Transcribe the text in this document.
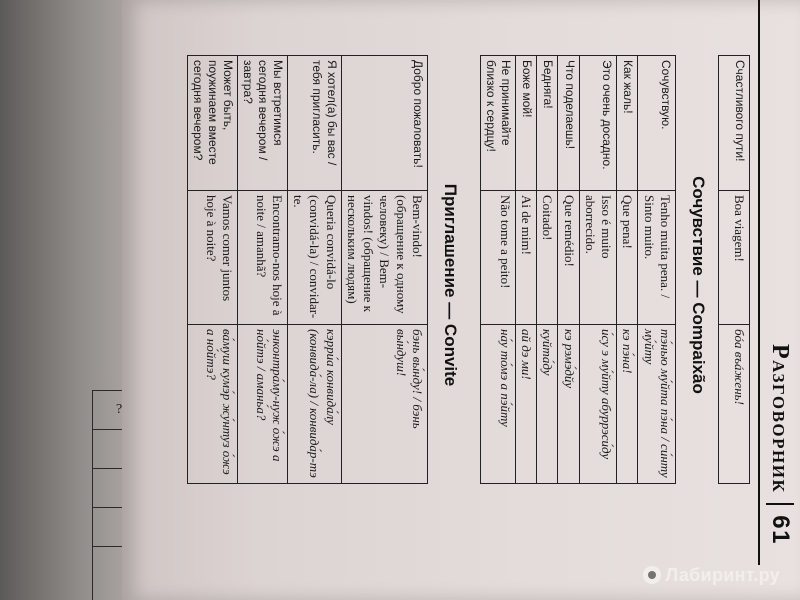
?	Разговорник
61
Счастливого пути!	Boa viagem!	бóа въáжень!
Сочувствие — Compaixão
Сочувствую.	Tenho muita pena. / Sinto muito.	тэ́нью му́йта пэ́на / си́нту му́йту
Как жаль!	Que pena!	кэ пэ́на!
Это очень досадно.	Isso é muito aborrecido.	и́су э му́йту абуррэси́ду
Что поделаешь!	Que remédio!	кэ рэмэ́дйу
Бедняга!	Coitado!	куйта́ду
Боже мой!	Ai de mim!	ай дэ ми!
Не принимайте близко к сердцу!	Não tome a peito!	на́у то́мэ а пэ́йту
Приглашение — Convite
Добро пожаловать!	Bem-vindo! (обращение к одному человеку) / Bem-vindos! (обращение к нескольким людям)	бэнь вы́нду! / бэнь вы́ндуш!
Я хотел(а) бы вас / тебя пригласить.	Queria convidá-lo (convidá-la) / convidar-te.	кэрри́а конвида́лу (конвида́-ла) / конвида́р-тэ
Мы встретимся сегодня вечером / завтра?	Encontramo-nos hoje à noite / amanhã?	энконтра́му-нуж о́жэ а но́йтэ / амань́а?
Может быть, поужинаем вместе сегодня вечером?	Vamos comer juntos hoje à noite?	ва́муш кумэ́р жу́нтуз о́жэ а но́йтэ?
Лабиринт.ру
